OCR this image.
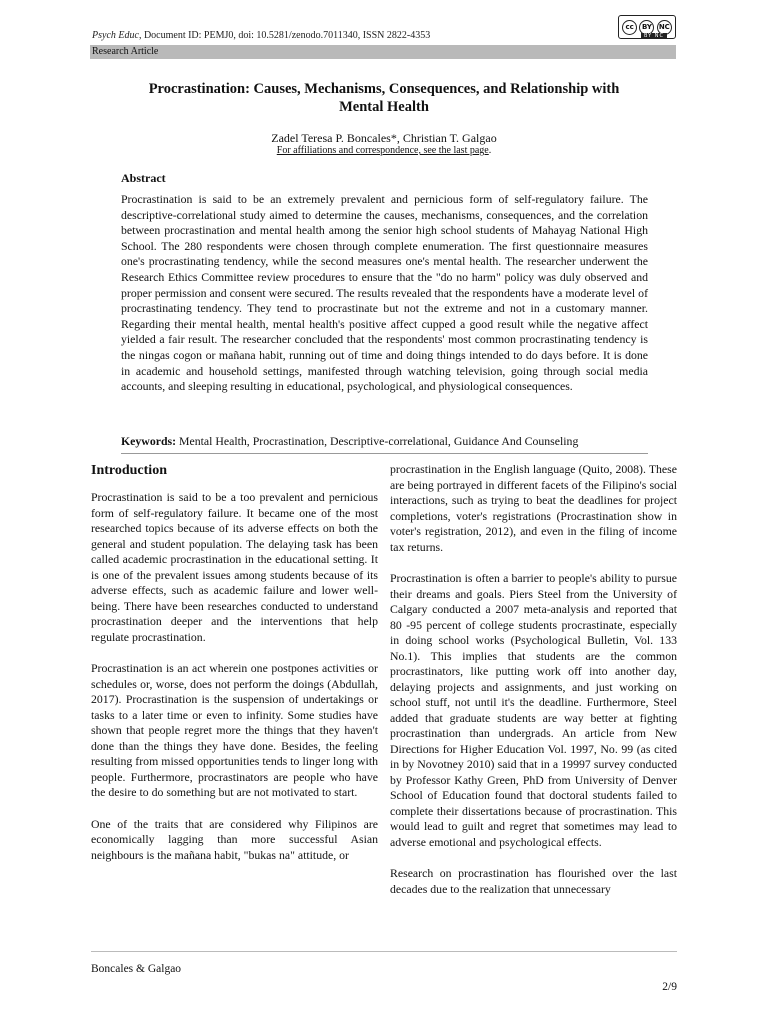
Psych Educ, Document ID: PEMJ0, doi: 10.5281/zenodo.7011340, ISSN 2822-4353
cc	BY NC
BY NC
Research Article
Procrastination: Causes, Mechanisms, Consequences, and Relationship with Mental Health
Zadel Teresa P. Boncales*, Christian T. Galgao
For affiliations and correspondence, see the last page.
Abstract
Procrastination is said to be an extremely prevalent and pernicious form of self-regulatory failure. The descriptive-correlational study aimed to determine the causes, mechanisms, consequences, and the correlation between procrastination and mental health among the senior high school students of Mahayag National High School. The 280 respondents were chosen through complete enumeration. The first questionnaire measures one's procrastinating tendency, while the second measures one's mental health. The researcher underwent the Research Ethics Committee review procedures to ensure that the "do no harm" policy was duly observed and proper permission and consent were secured. The results revealed that the respondents have a moderate level of procrastinating tendency. They tend to procrastinate but not the extreme and not in a customary manner. Regarding their mental health, mental health's positive affect cupped a good result while the negative affect yielded a fair result. The researcher concluded that the respondents' most common procrastinating tendency is the ningas cogon or mañana habit, running out of time and doing things intended to do days before. It is done in academic and household settings, manifested through watching television, going through social media accounts, and sleeping resulting in educational, psychological, and physiological consequences.
Keywords: Mental Health, Procrastination, Descriptive-correlational, Guidance And Counseling
Introduction

Procrastination is said to be a too prevalent and pernicious form of self-regulatory failure. It became one of the most researched topics because of its adverse effects on both the general and student population. The delaying task has been called academic procrastination in the educational setting. It is one of the prevalent issues among students because of its adverse effects, such as academic failure and lower well-being. There have been researches conducted to understand procrastination deeper and the interventions that help regulate procrastination.

Procrastination is an act wherein one postpones activities or schedules or, worse, does not perform the doings (Abdullah, 2017). Procrastination is the suspension of undertakings or tasks to a later time or even to infinity. Some studies have shown that people regret more the things that they haven't done than the things they have done. Besides, the feeling resulting from missed opportunities tends to linger long with people. Furthermore, procrastinators are people who have the desire to do something but are not motivated to start.

One of the traits that are considered why Filipinos are economically lagging than more successful Asian neighbours is the mañana habit, "bukas na" attitude, or

procrastination in the English language (Quito, 2008). These are being portrayed in different facets of the Filipino's social interactions, such as trying to beat the deadlines for project completions, voter's registrations (Procrastination show in voter's registration, 2012), and even in the filing of income tax returns.

Procrastination is often a barrier to people's ability to pursue their dreams and goals. Piers Steel from the University of Calgary conducted a 2007 meta-analysis and reported that 80 -95 percent of college students procrastinate, especially in doing school works (Psychological Bulletin, Vol. 133 No.1). This implies that students are the common procrastinators, like putting work off into another day, delaying projects and assignments, and just working on school stuff, not until it's the deadline. Furthermore, Steel added that graduate students are way better at fighting procrastination than undergrads. An article from New Directions for Higher Education Vol. 1997, No. 99 (as cited in by Novotney 2010) said that in a 19997 survey conducted by Professor Kathy Green, PhD from University of Denver School of Education found that doctoral students failed to complete their dissertations because of procrastination. This would lead to guilt and regret that sometimes may lead to adverse emotional and psychological effects.

Research on procrastination has flourished over the last decades due to the realization that unnecessary

Boncales & Galgao
2/9
